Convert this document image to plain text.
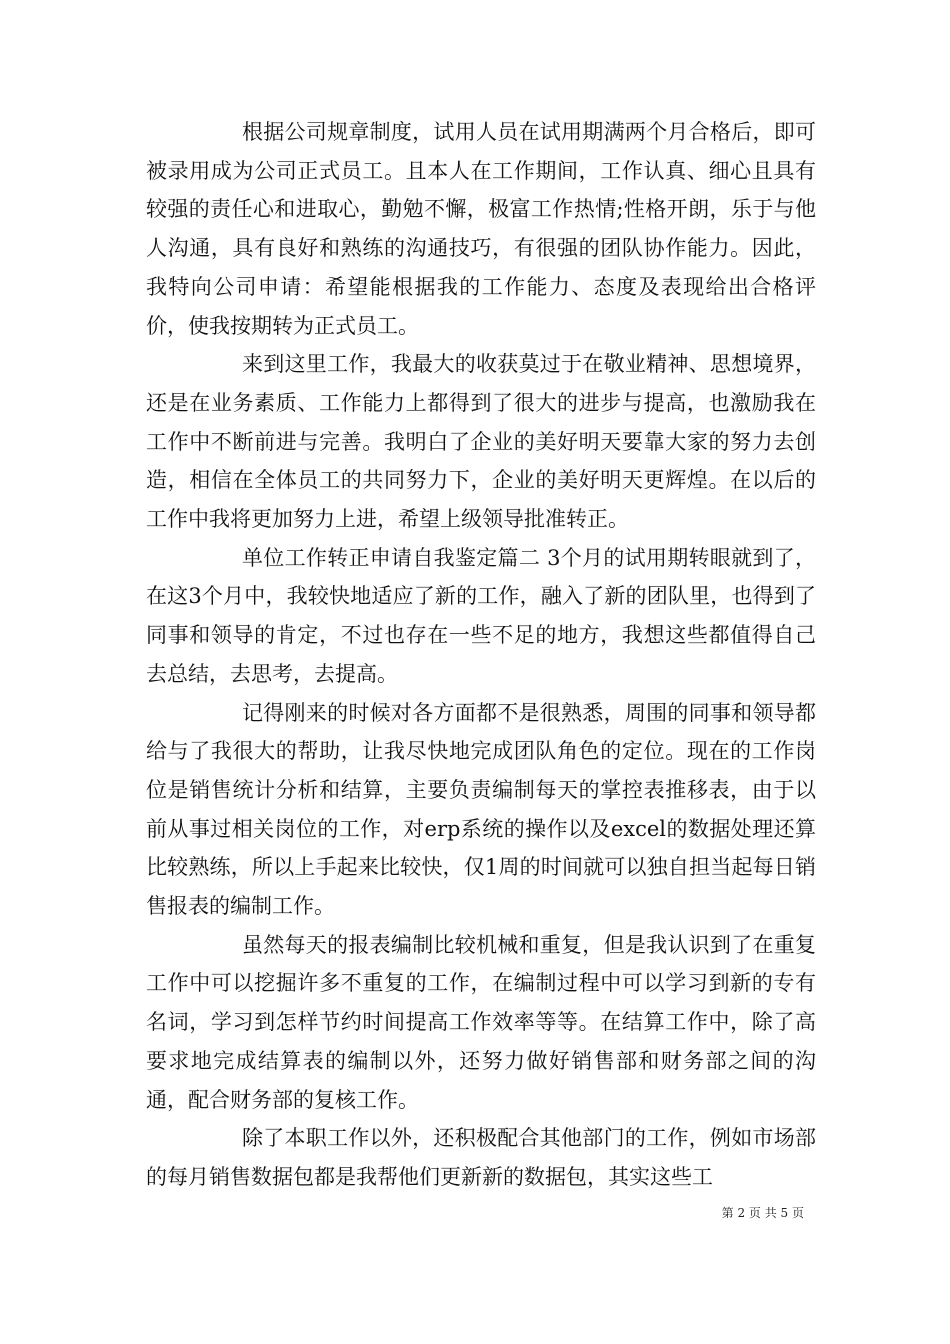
根据公司规章制度，试用人员在试用期满两个月合格后，即可被录用成为公司正式员工。且本人在工作期间，工作认真、细心且具有较强的责任心和进取心，勤勉不懈，极富工作热情;性格开朗，乐于与他人沟通，具有良好和熟练的沟通技巧，有很强的团队协作能力。因此，我特向公司申请：希望能根据我的工作能力、态度及表现给出合格评价，使我按期转为正式员工。

来到这里工作，我最大的收获莫过于在敬业精神、思想境界，还是在业务素质、工作能力上都得到了很大的进步与提高，也激励我在工作中不断前进与完善。我明白了企业的美好明天要靠大家的努力去创造，相信在全体员工的共同努力下，企业的美好明天更辉煌。在以后的工作中我将更加努力上进，希望上级领导批准转正。

单位工作转正申请自我鉴定篇二 3个月的试用期转眼就到了，在这3个月中，我较快地适应了新的工作，融入了新的团队里，也得到了同事和领导的肯定，不过也存在一些不足的地方，我想这些都值得自己去总结，去思考，去提高。

记得刚来的时候对各方面都不是很熟悉，周围的同事和领导都给与了我很大的帮助，让我尽快地完成团队角色的定位。现在的工作岗位是销售统计分析和结算，主要负责编制每天的掌控表推移表，由于以前从事过相关岗位的工作，对erp系统的操作以及excel的数据处理还算比较熟练，所以上手起来比较快，仅1周的时间就可以独自担当起每日销售报表的编制工作。

虽然每天的报表编制比较机械和重复，但是我认识到了在重复工作中可以挖掘许多不重复的工作，在编制过程中可以学习到新的专有名词，学习到怎样节约时间提高工作效率等等。在结算工作中，除了高要求地完成结算表的编制以外，还努力做好销售部和财务部之间的沟通，配合财务部的复核工作。

除了本职工作以外，还积极配合其他部门的工作，例如市场部的每月销售数据包都是我帮他们更新新的数据包，其实这些工

第 2 页 共 5 页
